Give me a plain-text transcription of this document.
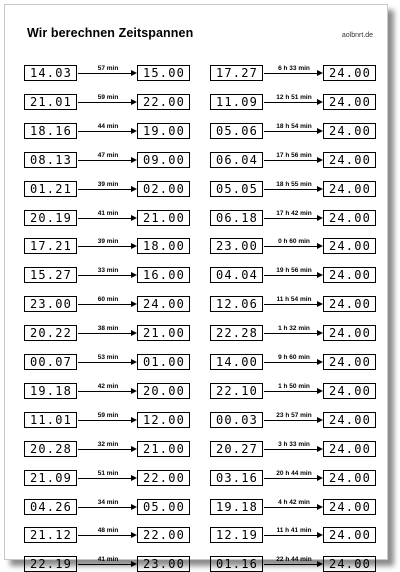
Wir berechnen Zeitspannen	aolbnrt.de
14.03	57 min	15.00
21.01	59 min	22.00
18.16	44 min	19.00
08.13	47 min	09.00
01.21	39 min	02.00
20.19	41 min	21.00
17.21	39 min	18.00
15.27	33 min	16.00
23.00	60 min	24.00
20.22	38 min	21.00
00.07	53 min	01.00
19.18	42 min	20.00
11.01	59 min	12.00
20.28	32 min	21.00
21.09	51 min	22.00
04.26	34 min	05.00
21.12	48 min	22.00
22.19	41 min	23.00
17.27	6 h 33 min	24.00
11.09	12 h 51 min	24.00
05.06	18 h 54 min	24.00
06.04	17 h 56 min	24.00
05.05	18 h 55 min	24.00
06.18	17 h 42 min	24.00
23.00	0 h 60 min	24.00
04.04	19 h 56 min	24.00
12.06	11 h 54 min	24.00
22.28	1 h 32 min	24.00
14.00	9 h 60 min	24.00
22.10	1 h 50 min	24.00
00.03	23 h 57 min	24.00
20.27	3 h 33 min	24.00
03.16	20 h 44 min	24.00
19.18	4 h 42 min	24.00
12.19	11 h 41 min	24.00
01.16	22 h 44 min	24.00
